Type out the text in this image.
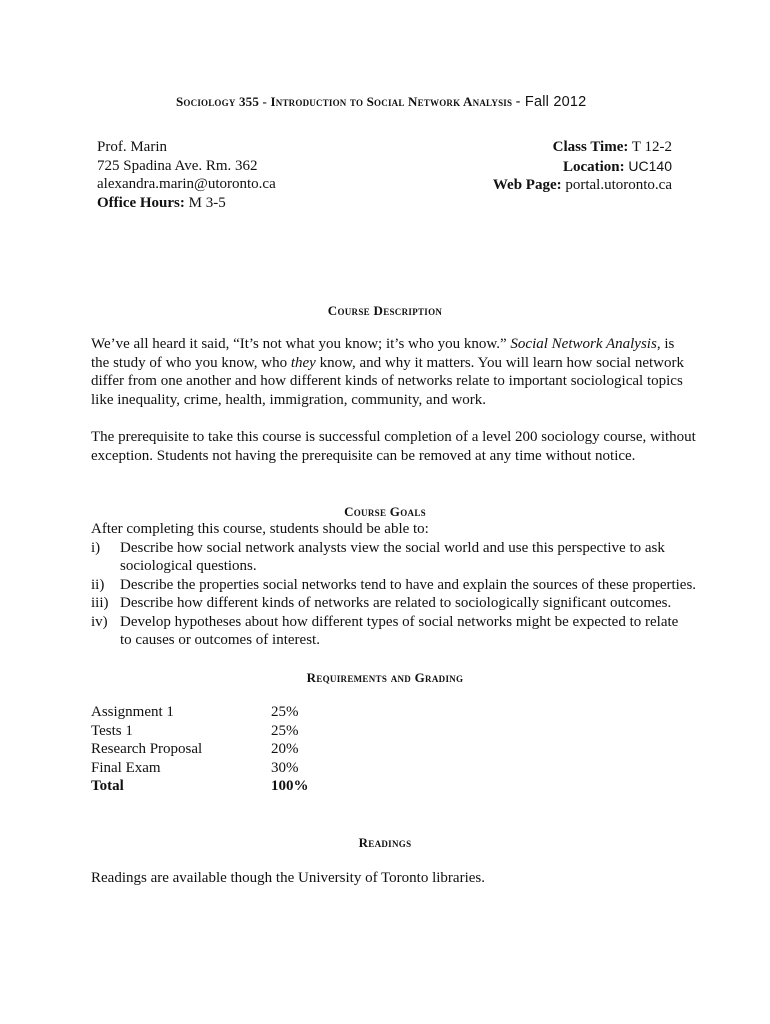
Sociology 355 - Introduction to Social Network Analysis - Fall 2012
Prof. Marin
725 Spadina Ave. Rm. 362
alexandra.marin@utoronto.ca
Office Hours: M 3-5
Class Time: T 12-2
Location: UC140
Web Page: portal.utoronto.ca
Course Description
We’ve all heard it said, “It’s not what you know; it’s who you know.” Social Network Analysis, is
the study of who you know, who they know, and why it matters. You will learn how social network
differ from one another and how different kinds of networks relate to important sociological topics
like inequality, crime, health, immigration, community, and work.
The prerequisite to take this course is successful completion of a level 200 sociology course, without
exception. Students not having the prerequisite can be removed at any time without notice.
Course Goals
After completing this course, students should be able to:
i) Describe how social network analysts view the social world and use this perspective to ask
sociological questions.
ii) Describe the properties social networks tend to have and explain the sources of these properties.
iii) Describe how different kinds of networks are related to sociologically significant outcomes.
iv) Develop hypotheses about how different types of social networks might be expected to relate
to causes or outcomes of interest.
Requirements and Grading
Assignment 1	25%
Tests 1	25%
Research Proposal	20%
Final Exam	30%
Total	100%
Readings
Readings are available though the University of Toronto libraries.
